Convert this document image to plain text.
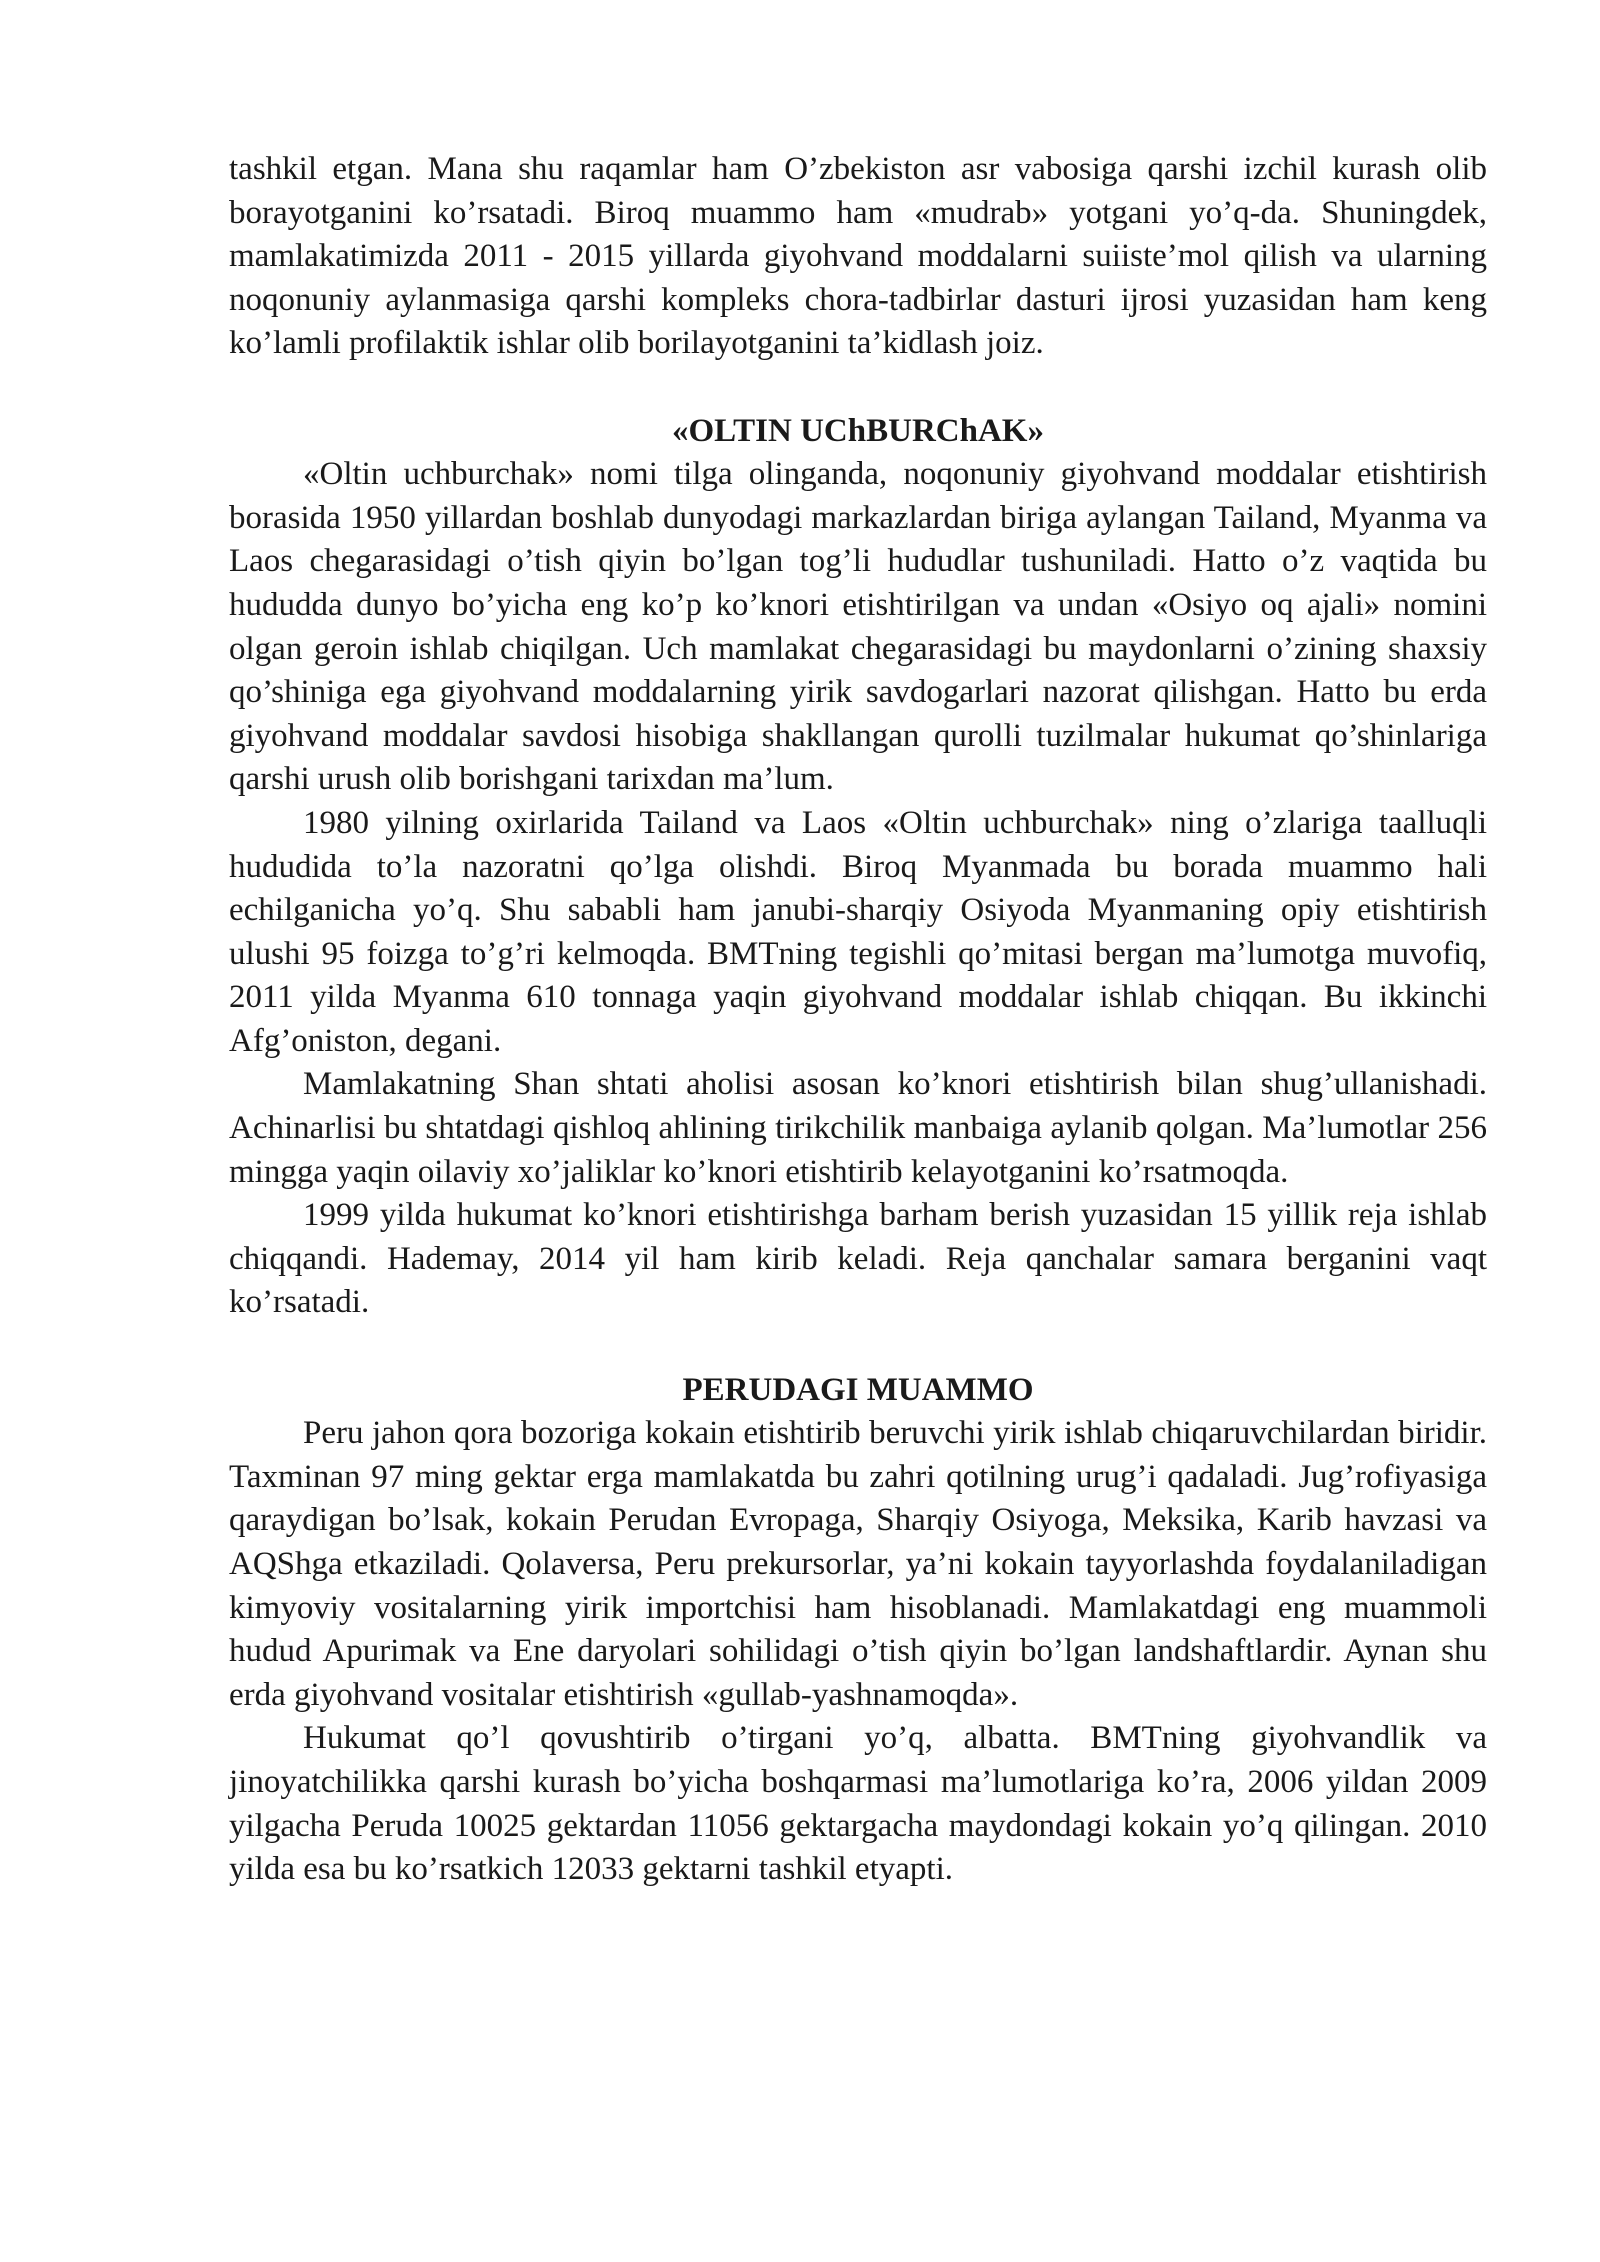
tashkil etgan. Mana shu raqamlar ham O’zbekiston asr vabosiga qarshi izchil kurash olib borayotganini ko’rsatadi. Biroq muammo ham «mudrab» yotgani yo’q-da. Shuningdek, mamlakatimizda 2011 - 2015 yillarda giyohvand moddalarni suiiste’mol qilish va ularning noqonuniy aylanmasiga qarshi kompleks chora-tadbirlar dasturi ijrosi yuzasidan ham keng ko’lamli profilaktik ishlar olib borilayotganini ta’kidlash joiz.

«OLTIN UChBURChAK»

«Oltin uchburchak» nomi tilga olinganda, noqonuniy giyohvand moddalar etishtirish borasida 1950 yillardan boshlab dunyodagi markazlardan biriga aylangan Tailand, Myanma va Laos chegarasidagi o’tish qiyin bo’lgan tog’li hududlar tushuniladi. Hatto o’z vaqtida bu hududda dunyo bo’yicha eng ko’p ko’knori etishtirilgan va undan «Osiyo oq ajali» nomini olgan geroin ishlab chiqilgan. Uch mamlakat chegarasidagi bu maydonlarni o’zining shaxsiy qo’shiniga ega giyohvand moddalarning yirik savdogarlari nazorat qilishgan. Hatto bu erda giyohvand moddalar savdosi hisobiga shakllangan qurolli tuzilmalar hukumat qo’shinlariga qarshi urush olib borishgani tarixdan ma’lum.

1980 yilning oxirlarida Tailand va Laos «Oltin uchburchak» ning o’zlariga taalluqli hududida to’la nazoratni qo’lga olishdi. Biroq Myanmada bu borada muammo hali echilganicha yo’q. Shu sababli ham janubi-sharqiy Osiyoda Myanmaning opiy etishtirish ulushi 95 foizga to’g’ri kelmoqda. BMTning tegishli qo’mitasi bergan ma’lumotga muvofiq, 2011 yilda Myanma 610 tonnaga yaqin giyohvand moddalar ishlab chiqqan. Bu ikkinchi Afg’oniston, degani.

Mamlakatning Shan shtati aholisi asosan ko’knori etishtirish bilan shug’ullanishadi. Achinarlisi bu shtatdagi qishloq ahlining tirikchilik manbaiga aylanib qolgan. Ma’lumotlar 256 mingga yaqin oilaviy xo’jaliklar ko’knori etishtirib kelayotganini ko’rsatmoqda.

1999 yilda hukumat ko’knori etishtirishga barham berish yuzasidan 15 yillik reja ishlab chiqqandi. Hademay, 2014 yil ham kirib keladi. Reja qanchalar samara berganini vaqt ko’rsatadi.

PERUDAGI MUAMMO

Peru jahon qora bozoriga kokain etishtirib beruvchi yirik ishlab chiqaruvchilardan biridir. Taxminan 97 ming gektar erga mamlakatda bu zahri qotilning urug’i qadaladi. Jug’rofiyasiga qaraydigan bo’lsak, kokain Perudan Evropaga, Sharqiy Osiyoga, Meksika, Karib havzasi va AQShga etkaziladi. Qolaversa, Peru prekursorlar, ya’ni kokain tayyorlashda foydalaniladigan kimyoviy vositalarning yirik importchisi ham hisoblanadi. Mamlakatdagi eng muammoli hudud Apurimak va Ene daryolari sohilidagi o’tish qiyin bo’lgan landshaftlardir. Aynan shu erda giyohvand vositalar etishtirish «gullab-yashnamoqda».

Hukumat qo’l qovushtirib o’tirgani yo’q, albatta. BMTning giyohvandlik va jinoyatchilikka qarshi kurash bo’yicha boshqarmasi ma’lumotlariga ko’ra, 2006 yildan 2009 yilgacha Peruda 10025 gektardan 11056 gektargacha maydondagi kokain yo’q qilingan. 2010 yilda esa bu ko’rsatkich 12033 gektarni tashkil etyapti.
